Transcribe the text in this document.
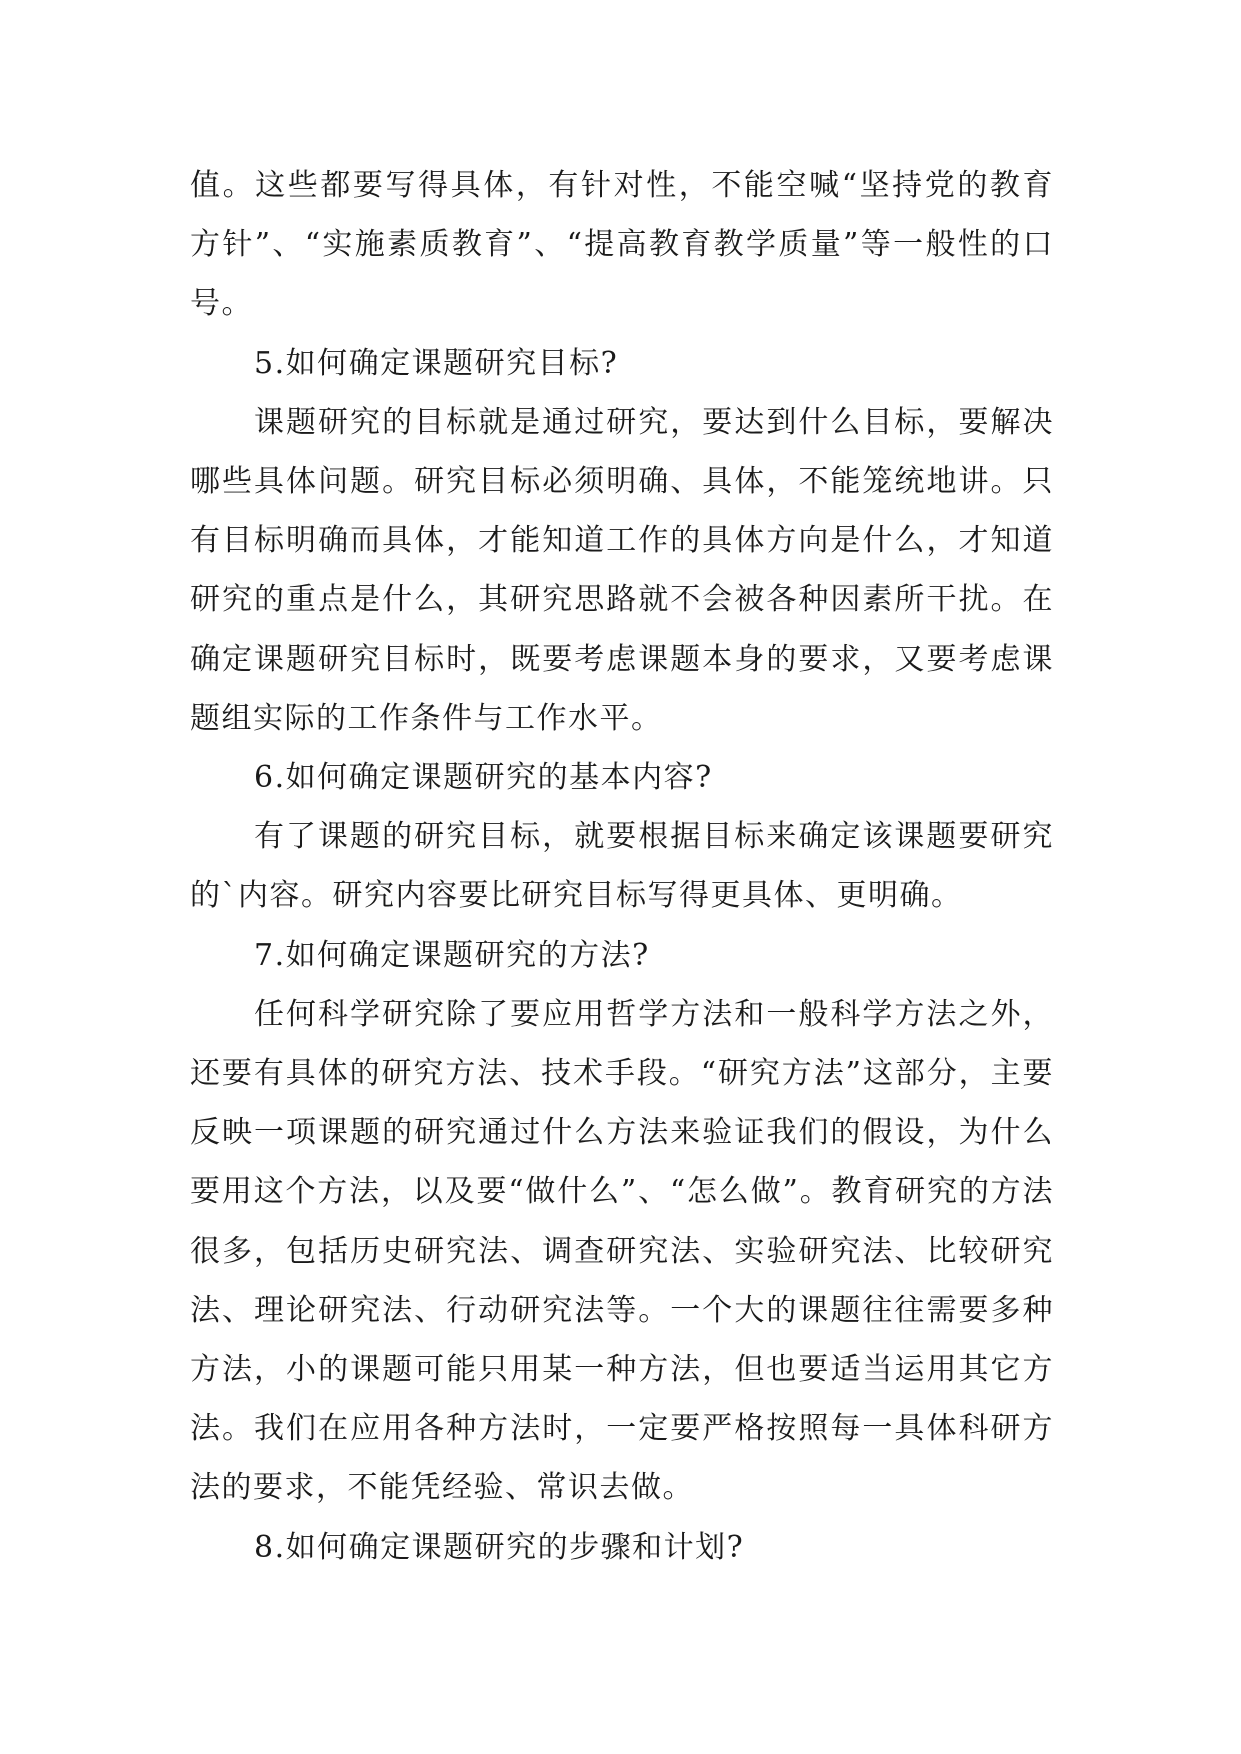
值。这些都要写得具体，有针对性，不能空喊“坚持党的教育方针”、“实施素质教育”、“提高教育教学质量”等一般性的口号。

5.如何确定课题研究目标?

课题研究的目标就是通过研究，要达到什么目标，要解决哪些具体问题。研究目标必须明确、具体，不能笼统地讲。只有目标明确而具体，才能知道工作的具体方向是什么，才知道研究的重点是什么，其研究思路就不会被各种因素所干扰。在确定课题研究目标时，既要考虑课题本身的要求，又要考虑课题组实际的工作条件与工作水平。

6.如何确定课题研究的基本内容?

有了课题的研究目标，就要根据目标来确定该课题要研究的`内容。研究内容要比研究目标写得更具体、更明确。

7.如何确定课题研究的方法?

任何科学研究除了要应用哲学方法和一般科学方法之外，还要有具体的研究方法、技术手段。“研究方法”这部分，主要反映一项课题的研究通过什么方法来验证我们的假设，为什么要用这个方法，以及要“做什么”、“怎么做”。教育研究的方法很多，包括历史研究法、调查研究法、实验研究法、比较研究法、理论研究法、行动研究法等。一个大的课题往往需要多种方法，小的课题可能只用某一种方法，但也要适当运用其它方法。我们在应用各种方法时，一定要严格按照每一具体科研方法的要求，不能凭经验、常识去做。

8.如何确定课题研究的步骤和计划?
